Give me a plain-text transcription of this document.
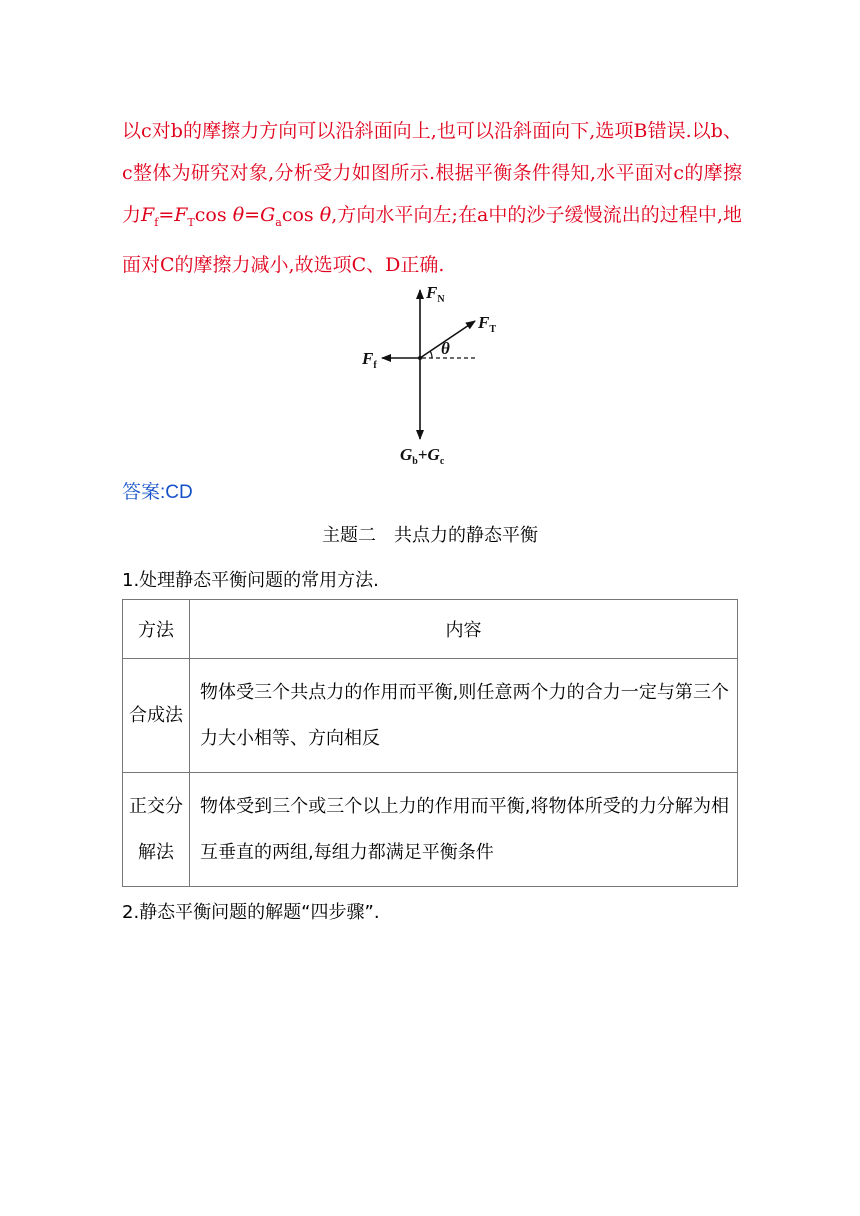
以c对b的摩擦力方向可以沿斜面向上,也可以沿斜面向下,选项B错误.以b、c整体为研究对象,分析受力如图所示.根据平衡条件得知,水平面对c的摩擦力$F_f=F_T\cos$ $\theta=G_a\cos$ θ,方向水平向左;在a中的沙子缓慢流出的过程中,地面对C的摩擦力减小,故选项C、D正确.
$F_N$
$F_T$
$F_f$
θ
$G_b+G_c$
答案:CD
主题二　共点力的静态平衡
1.处理静态平衡问题的常用方法.
方法	内容
合成法	物体受三个共点力的作用而平衡,则任意两个力的合力一定与第三个力大小相等、方向相反
正交分解法	物体受到三个或三个以上力的作用而平衡,将物体所受的力分解为相互垂直的两组,每组力都满足平衡条件
2.静态平衡问题的解题“四步骤”.
